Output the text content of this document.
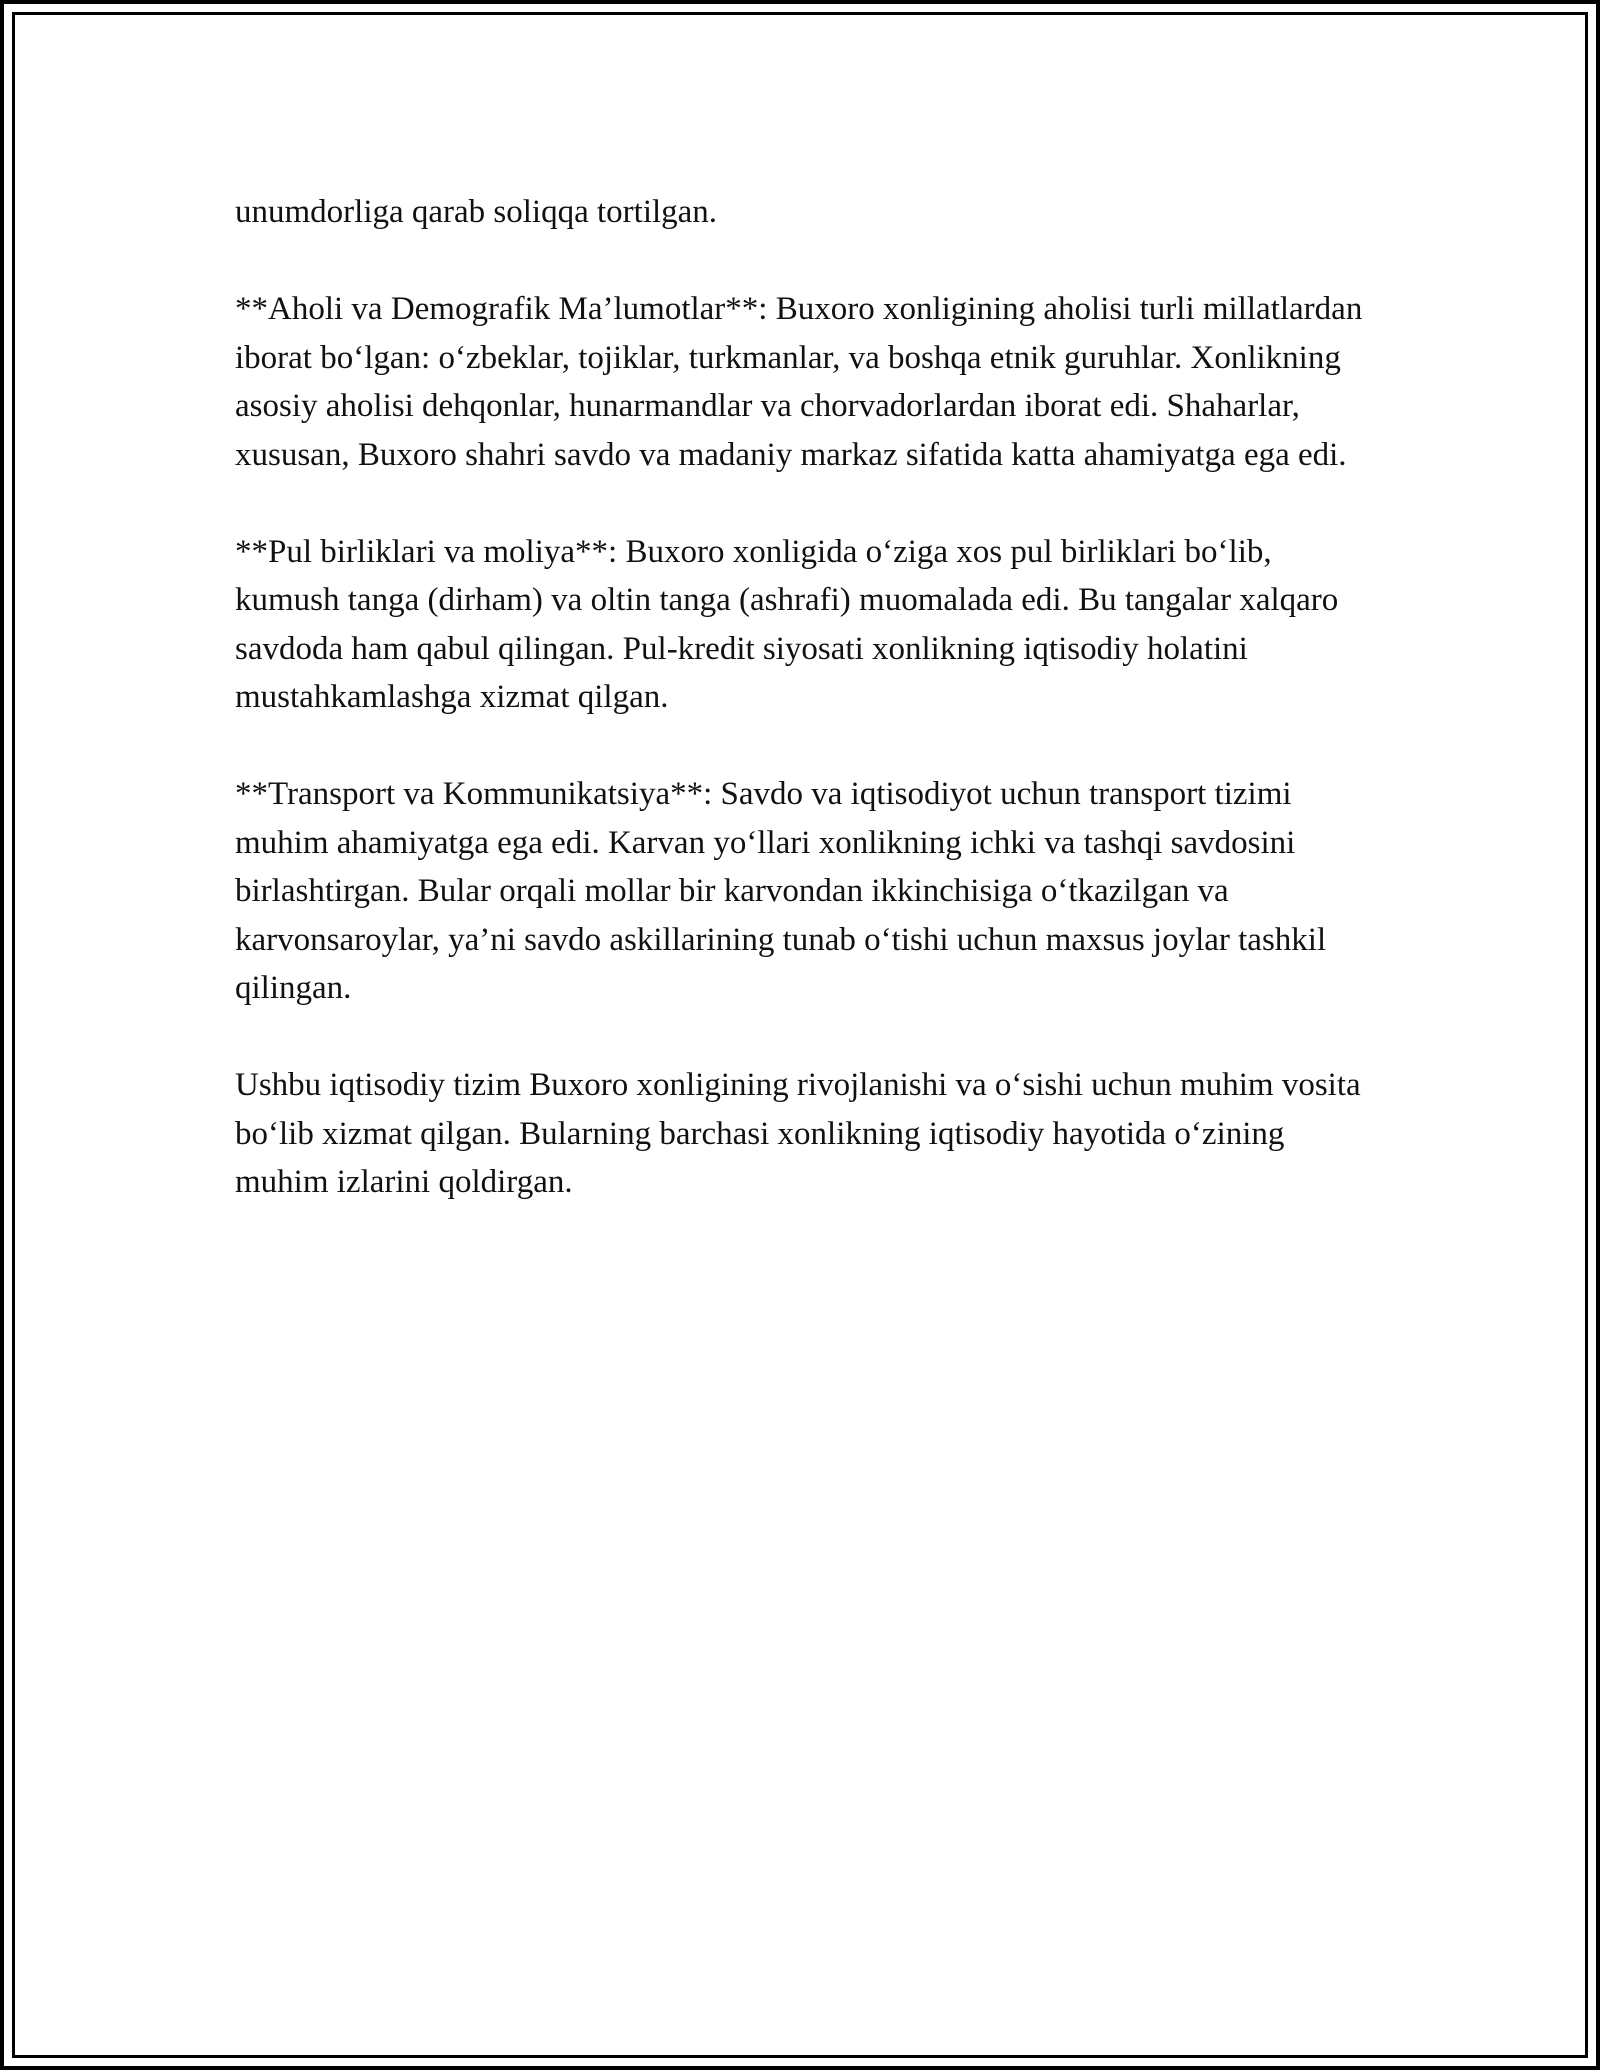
unumdorliga qarab soliqqa tortilgan.

**Aholi va Demografik Ma’lumotlar**: Buxoro xonligining aholisi turli millatlardan iborat bo‘lgan: o‘zbeklar, tojiklar, turkmanlar, va boshqa etnik guruhlar. Xonlikning asosiy aholisi dehqonlar, hunarmandlar va chorvadorlardan iborat edi. Shaharlar, xususan, Buxoro shahri savdo va madaniy markaz sifatida katta ahamiyatga ega edi.

**Pul birliklari va moliya**: Buxoro xonligida o‘ziga xos pul birliklari bo‘lib, kumush tanga (dirham) va oltin tanga (ashrafi) muomalada edi. Bu tangalar xalqaro savdoda ham qabul qilingan. Pul-kredit siyosati xonlikning iqtisodiy holatini mustahkamlashga xizmat qilgan.

**Transport va Kommunikatsiya**: Savdo va iqtisodiyot uchun transport tizimi muhim ahamiyatga ega edi. Karvan yo‘llari xonlikning ichki va tashqi savdosini birlashtirgan. Bular orqali mollar bir karvondan ikkinchisiga o‘tkazilgan va karvonsaroylar, ya’ni savdo askillarining tunab o‘tishi uchun maxsus joylar tashkil qilingan.

Ushbu iqtisodiy tizim Buxoro xonligining rivojlanishi va o‘sishi uchun muhim vosita bo‘lib xizmat qilgan. Bularning barchasi xonlikning iqtisodiy hayotida o‘zining muhim izlarini qoldirgan.
